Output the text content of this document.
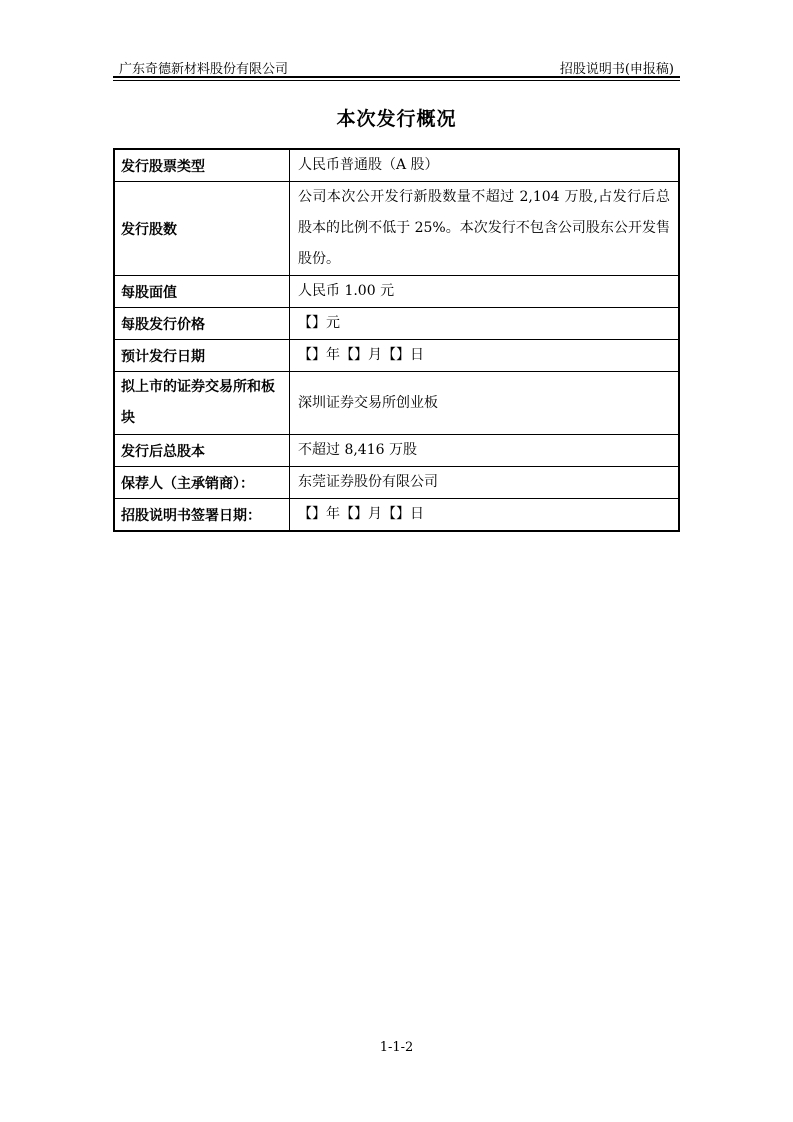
广东奇德新材料股份有限公司	招股说明书(申报稿)
本次发行概况
发行股票类型	人民币普通股（A 股）
发行股数	公司本次公开发行新股数量不超过 2,104 万股,占发行后总股本的比例不低于 25%。本次发行不包含公司股东公开发售股份。
每股面值	人民币 1.00 元
每股发行价格	【】元
预计发行日期	【】年【】月【】日
拟上市的证券交易所和板块	深圳证券交易所创业板
发行后总股本	不超过 8,416 万股
保荐人（主承销商）：	东莞证券股份有限公司
招股说明书签署日期：	【】年【】月【】日
1-1-2
